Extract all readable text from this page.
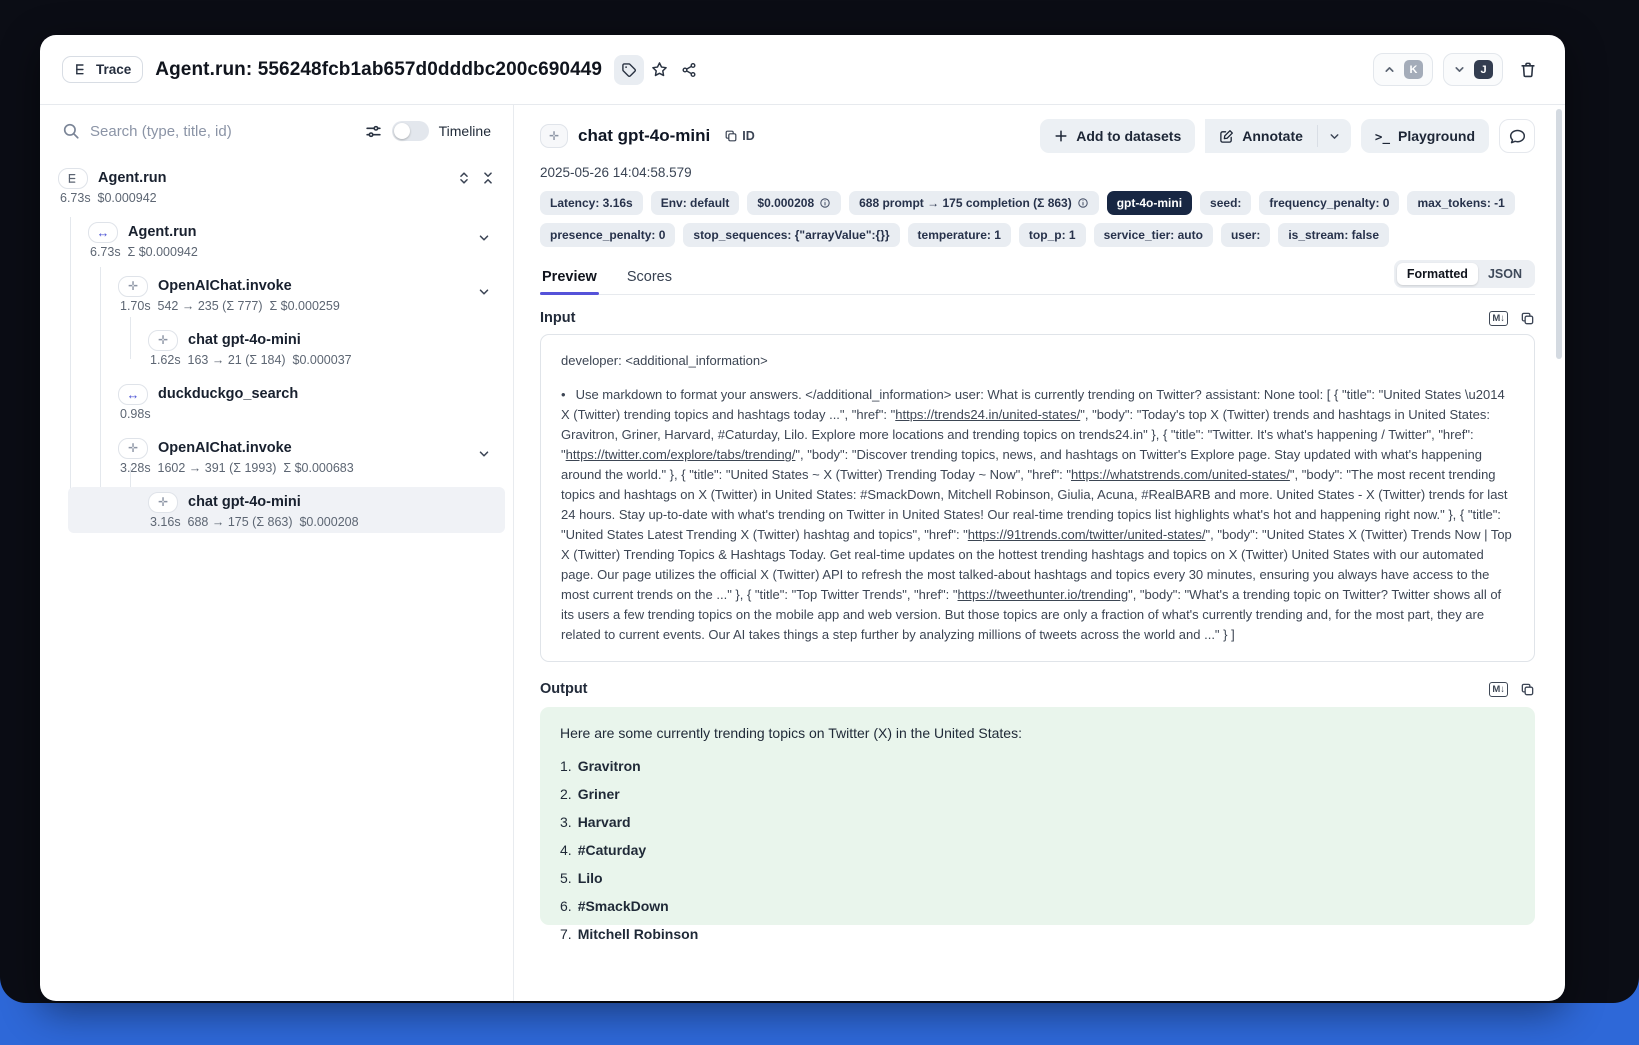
Trace Agent.run: 556248fcb1ab657d0dddbc200c690449	K	J
Search (type, title, id)
Timeline
Agent.run
6.73s  $0.000942
↔ Agent.run
6.73s  Σ $0.000942
✛ OpenAIChat.invoke
1.70s  542 → 235 (Σ 777)  Σ $0.000259
✛ chat gpt-4o-mini
1.62s  163 → 21 (Σ 184)  $0.000037
↔ duckduckgo_search
0.98s
✛ OpenAIChat.invoke
3.28s  1602 → 391 (Σ 1993)  Σ $0.000683
✛ chat gpt-4o-mini
3.16s  688 → 175 (Σ 863)  $0.000208
✛	chat gpt-4o-mini	ID	Add to datasets	Annotate	>_ Playground
2025-05-26 14:04:58.579
Latency: 3.16s Env: default $0.000208	688 prompt → 175 completion (Σ 863)	gpt-4o-mini seed: frequency_penalty: 0 max_tokens: -1
presence_penalty: 0 stop_sequences: {"arrayValue":{}} temperature: 1 top_p: 1 service_tier: auto user: is_stream: false
Preview Scores	Formatted	JSON
Input	M↓
developer: <additional_information>
• Use markdown to format your answers. </additional_information> user: What is currently trending on Twitter? assistant: None tool: [ { "title": "United States \u2014 X (Twitter) trending topics and hashtags today ...", "href": "https://trends24.in/united-states/", "body": "Today's top X (Twitter) trends and hashtags in United States: Gravitron, Griner, Harvard, #Caturday, Lilo. Explore more locations and trending topics on trends24.in" }, { "title": "Twitter. It's what's happening / Twitter", "href": "https://twitter.com/explore/tabs/trending/", "body": "Discover trending topics, news, and hashtags on Twitter's Explore page. Stay updated with what's happening around the world." }, { "title": "United States ~ X (Twitter) Trending Today ~ Now", "href": "https://whatstrends.com/united-states/", "body": "The most recent trending topics and hashtags on X (Twitter) in United States: #SmackDown, Mitchell Robinson, Giulia, Acuna, #RealBARB and more. United States - X (Twitter) trends for last 24 hours. Stay up-to-date with what's trending on Twitter in United States! Our real-time trending topics list highlights what's hot and happening right now." }, { "title": "United States Latest Trending X (Twitter) hashtag and topics", "href": "https://91trends.com/twitter/united-states/", "body": "United States X (Twitter) Trends Now | Top X (Twitter) Trending Topics & Hashtags Today. Get real-time updates on the hottest trending hashtags and topics on X (Twitter) United States with our automated page. Our page utilizes the official X (Twitter) API to refresh the most talked-about hashtags and topics every 30 minutes, ensuring you always have access to the most current trends on the ..." }, { "title": "Top Twitter Trends", "href": "https://tweethunter.io/trending", "body": "What's a trending topic on Twitter? Twitter shows all of its users a few trending topics on the mobile app and web version. But those topics are only a fraction of what's currently trending and, for the most part, they are related to current events. Our AI takes things a step further by analyzing millions of tweets across the world and ..." } ]
Output	M↓
Here are some currently trending topics on Twitter (X) in the United States:
1. Gravitron
2. Griner
3. Harvard
4. #Caturday
5. Lilo
6. #SmackDown
7. Mitchell Robinson
